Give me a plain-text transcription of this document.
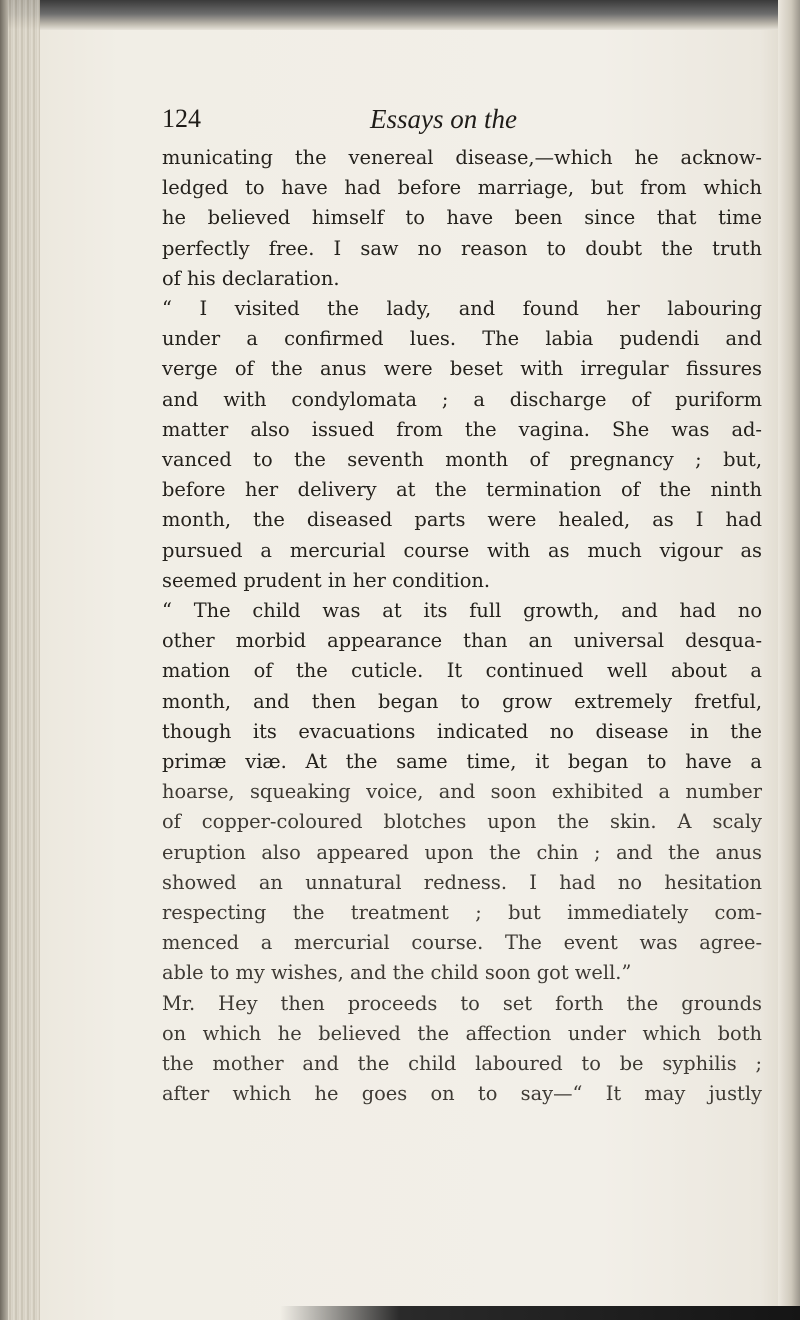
124	Essays on the
municating the venereal disease,—which he acknow-
ledged to have had before marriage, but from which
he believed himself to have been since that time
perfectly free. I saw no reason to doubt the truth
of his declaration.
“ I visited the lady, and found her labouring
under a confirmed lues. The labia pudendi and
verge of the anus were beset with irregular fissures
and with condylomata ; a discharge of puriform
matter also issued from the vagina. She was ad-
vanced to the seventh month of pregnancy ; but,
before her delivery at the termination of the ninth
month, the diseased parts were healed, as I had
pursued a mercurial course with as much vigour as
seemed prudent in her condition.
“ The child was at its full growth, and had no
other morbid appearance than an universal desqua-
mation of the cuticle. It continued well about a
month, and then began to grow extremely fretful,
though its evacuations indicated no disease in the
primæ viæ. At the same time, it began to have a
hoarse, squeaking voice, and soon exhibited a number
of copper-coloured blotches upon the skin. A scaly
eruption also appeared upon the chin ; and the anus
showed an unnatural redness. I had no hesitation
respecting the treatment ; but immediately com-
menced a mercurial course. The event was agree-
able to my wishes, and the child soon got well.”
Mr. Hey then proceeds to set forth the grounds
on which he believed the affection under which both
the mother and the child laboured to be syphilis ;
after which he goes on to say—“ It may justly
